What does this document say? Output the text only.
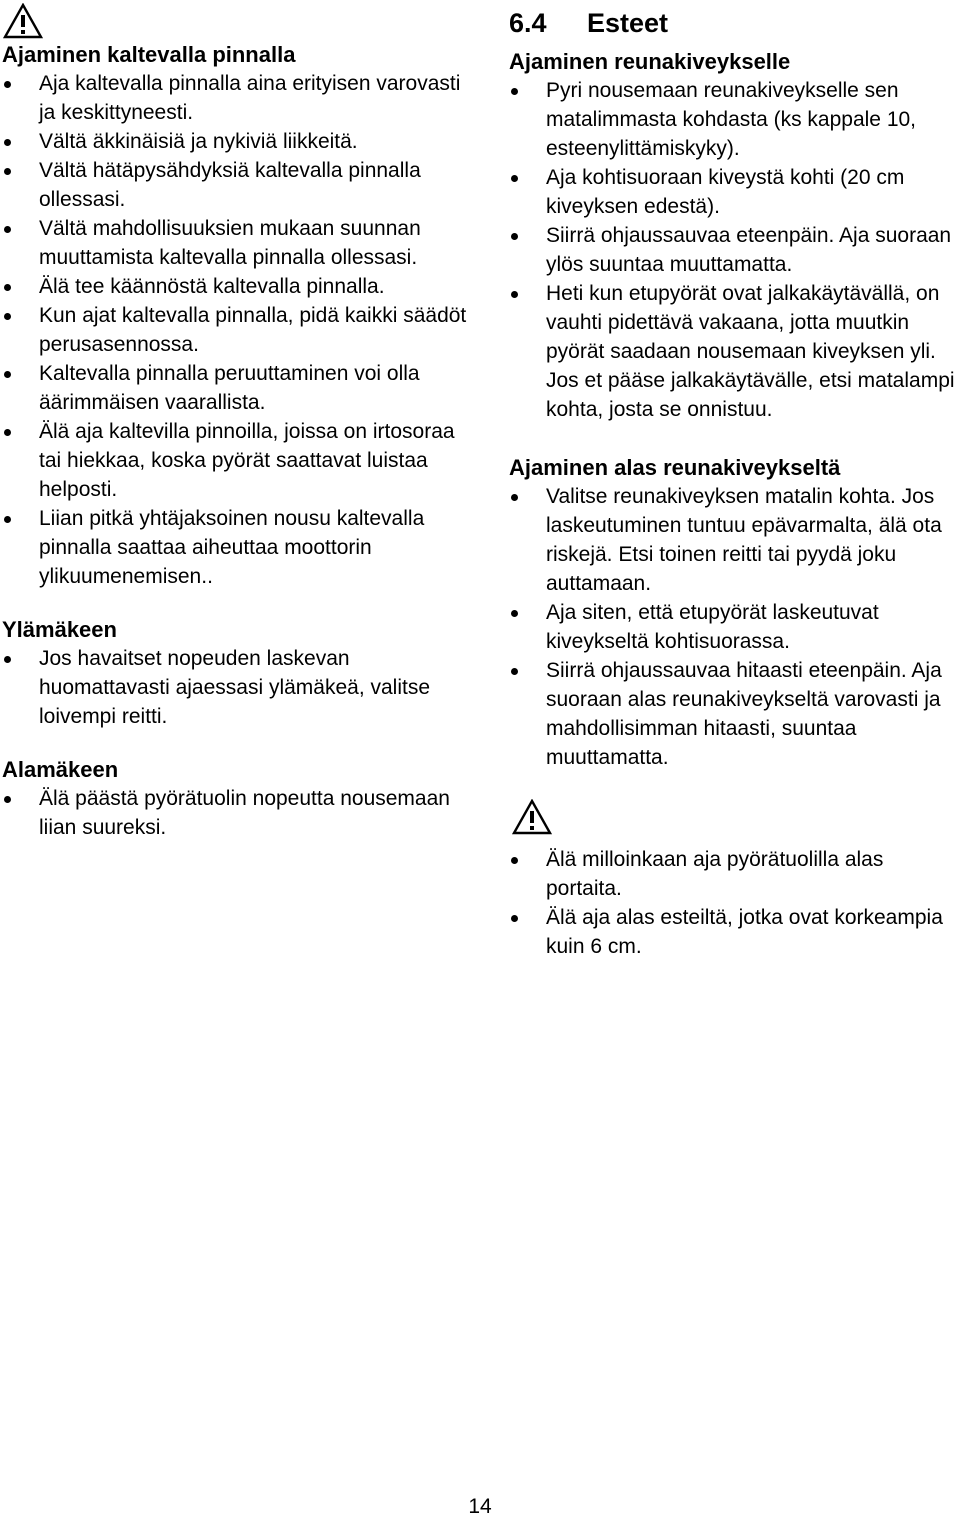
Ajaminen kaltevalla pinnalla
Aja kaltevalla pinnalla aina erityisen varovasti ja keskittyneesti.
Vältä äkkinäisiä ja nykiviä liikkeitä.
Vältä hätäpysähdyksiä kaltevalla pinnalla ollessasi.
Vältä mahdollisuuksien mukaan suunnan muuttamista kaltevalla pinnalla ollessasi.
Älä tee käännöstä kaltevalla pinnalla.
Kun ajat kaltevalla pinnalla, pidä kaikki säädöt perusasennossa.
Kaltevalla pinnalla peruuttaminen voi olla äärimmäisen vaarallista.
Älä aja kaltevilla pinnoilla, joissa on irtosoraa tai hiekkaa, koska pyörät saattavat luistaa helposti.
Liian pitkä yhtäjaksoinen nousu kaltevalla pinnalla saattaa aiheuttaa moottorin ylikuumenemisen..
Ylämäkeen
Jos havaitset nopeuden laskevan huomattavasti ajaessasi ylämäkeä, valitse loivempi reitti.
Alamäkeen
Älä päästä pyörätuolin nopeutta nousemaan liian suureksi.
6.4 Esteet
Ajaminen reunakiveykselle
Pyri nousemaan reunakiveykselle sen matalimmasta kohdasta (ks kappale 10, esteenylittämiskyky).
Aja kohtisuoraan kiveystä kohti (20 cm kiveyksen edestä).
Siirrä ohjaussauvaa eteenpäin. Aja suoraan ylös suuntaa muuttamatta.
Heti kun etupyörät ovat jalkakäytävällä, on vauhti pidettävä vakaana, jotta muutkin pyörät saadaan nousemaan kiveyksen yli. Jos et pääse jalkakäytävälle, etsi matalampi kohta, josta se onnistuu.
Ajaminen alas reunakiveykseltä
Valitse reunakiveyksen matalin kohta. Jos laskeutuminen tuntuu epävarmalta, älä ota riskejä. Etsi toinen reitti tai pyydä joku auttamaan.
Aja siten, että etupyörät laskeutuvat kiveykseltä kohtisuorassa.
Siirrä ohjaussauvaa hitaasti eteenpäin. Aja suoraan alas reunakiveykseltä varovasti ja mahdollisimman hitaasti, suuntaa muuttamatta.
Älä milloinkaan aja pyörätuolilla alas portaita.
Älä aja alas esteiltä, jotka ovat korkeampia kuin 6 cm.
14
